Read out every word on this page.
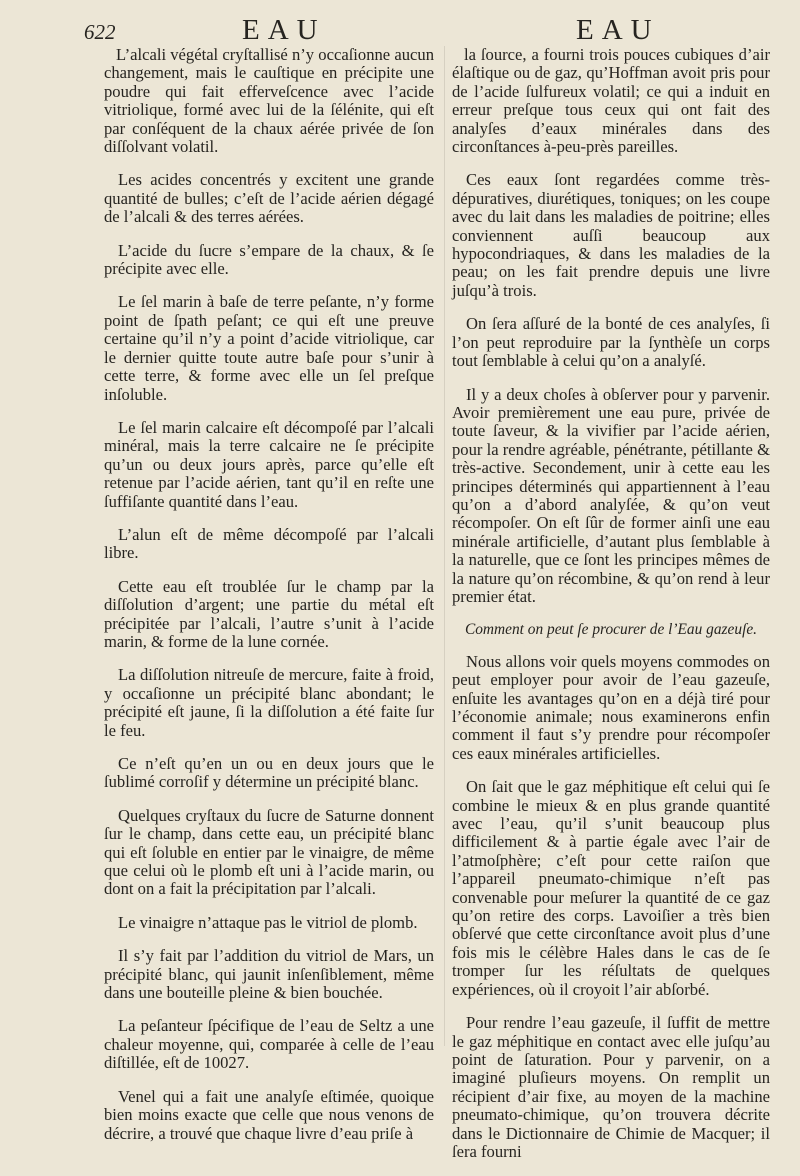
622	EAU	EAU

L’alcali végétal cryſtallisé n’y occaſionne aucun changement, mais le cauſtique en précipite une poudre qui fait efferveſcence avec l’acide vitriolique, formé avec lui de la ſélénite, qui eſt par conſéquent de la chaux aérée privée de ſon diſſolvant volatil.

Les acides concentrés y excitent une grande quantité de bulles; c’eſt de l’acide aérien dégagé de l’alcali & des terres aérées.

L’acide du ſucre s’empare de la chaux, & ſe précipite avec elle.

Le ſel marin à baſe de terre peſante, n’y forme point de ſpath peſant; ce qui eſt une preuve certaine qu’il n’y a point d’acide vitriolique, car le dernier quitte toute autre baſe pour s’unir à cette terre, & forme avec elle un ſel preſque inſoluble.

Le ſel marin calcaire eſt décompoſé par l’alcali minéral, mais la terre calcaire ne ſe précipite qu’un ou deux jours après, parce qu’elle eſt retenue par l’acide aérien, tant qu’il en reſte une ſuffiſante quantité dans l’eau.

L’alun eſt de même décompoſé par l’alcali libre.

Cette eau eſt troublée ſur le champ par la diſſolution d’argent; une partie du métal eſt précipitée par l’alcali, l’autre s’unit à l’acide marin, & forme de la lune cornée.

La diſſolution nitreuſe de mercure, faite à froid, y occaſionne un précipité blanc abondant; le précipité eſt jaune, ſi la diſſolution a été faite ſur le feu.

Ce n’eſt qu’en un ou en deux jours que le ſublimé corroſif y détermine un précipité blanc.

Quelques cryſtaux du ſucre de Saturne donnent ſur le champ, dans cette eau, un précipité blanc qui eſt ſoluble en entier par le vinaigre, de même que celui où le plomb eſt uni à l’acide marin, ou dont on a fait la précipitation par l’alcali.

Le vinaigre n’attaque pas le vitriol de plomb.

Il s’y fait par l’addition du vitriol de Mars, un précipité blanc, qui jaunit inſenſiblement, même dans une bouteille pleine & bien bouchée.

La peſanteur ſpécifique de l’eau de Seltz a une chaleur moyenne, qui, comparée à celle de l’eau diſtillée, eſt de 10027.

Venel qui a fait une analyſe eſtimée, quoique bien moins exacte que celle que nous venons de décrire, a trouvé que chaque livre d’eau priſe à

la ſource, a fourni trois pouces cubiques d’air élaſtique ou de gaz, qu’Hoffman avoit pris pour de l’acide ſulfureux volatil; ce qui a induit en erreur preſque tous ceux qui ont fait des analyſes d’eaux minérales dans des circonſtances à-peu-près pareilles.

Ces eaux ſont regardées comme très-dépuratives, diurétiques, toniques; on les coupe avec du lait dans les maladies de poitrine; elles conviennent auſſi beaucoup aux hypocondriaques, & dans les maladies de la peau; on les fait prendre depuis une livre juſqu’à trois.

On ſera aſſuré de la bonté de ces analyſes, ſi l’on peut reproduire par la ſynthèſe un corps tout ſemblable à celui qu’on a analyſé.

Il y a deux choſes à obſerver pour y parvenir. Avoir premièrement une eau pure, privée de toute ſaveur, & la vivifier par l’acide aérien, pour la rendre agréable, pénétrante, pétillante & très-active. Secondement, unir à cette eau les principes déterminés qui appartiennent à l’eau qu’on a d’abord analyſée, & qu’on veut récompoſer. On eſt ſûr de former ainſi une eau minérale artificielle, d’autant plus ſemblable à la naturelle, que ce ſont les principes mêmes de la nature qu’on récombine, & qu’on rend à leur premier état.

Comment on peut ſe procurer de l’Eau gazeuſe.

Nous allons voir quels moyens commodes on peut employer pour avoir de l’eau gazeuſe, enſuite les avantages qu’on en a déjà tiré pour l’économie animale; nous examinerons enfin comment il faut s’y prendre pour récompoſer ces eaux minérales artificielles.

On ſait que le gaz méphitique eſt celui qui ſe combine le mieux & en plus grande quantité avec l’eau, qu’il s’unit beaucoup plus difficilement & à partie égale avec l’air de l’atmoſphère; c’eſt pour cette raiſon que l’appareil pneumato-chimique n’eſt pas convenable pour meſurer la quantité de ce gaz qu’on retire des corps. Lavoiſier a très bien obſervé que cette circonſtance avoit plus d’une fois mis le célèbre Hales dans le cas de ſe tromper ſur les réſultats de quelques expériences, où il croyoit l’air abſorbé.

Pour rendre l’eau gazeuſe, il ſuffit de mettre le gaz méphitique en contact avec elle juſqu’au point de ſaturation. Pour y parvenir, on a imaginé pluſieurs moyens. On remplit un récipient d’air fixe, au moyen de la machine pneumato-chimique, qu’on trouvera décrite dans le Dictionnaire de Chimie de Macquer; il ſera fourni
